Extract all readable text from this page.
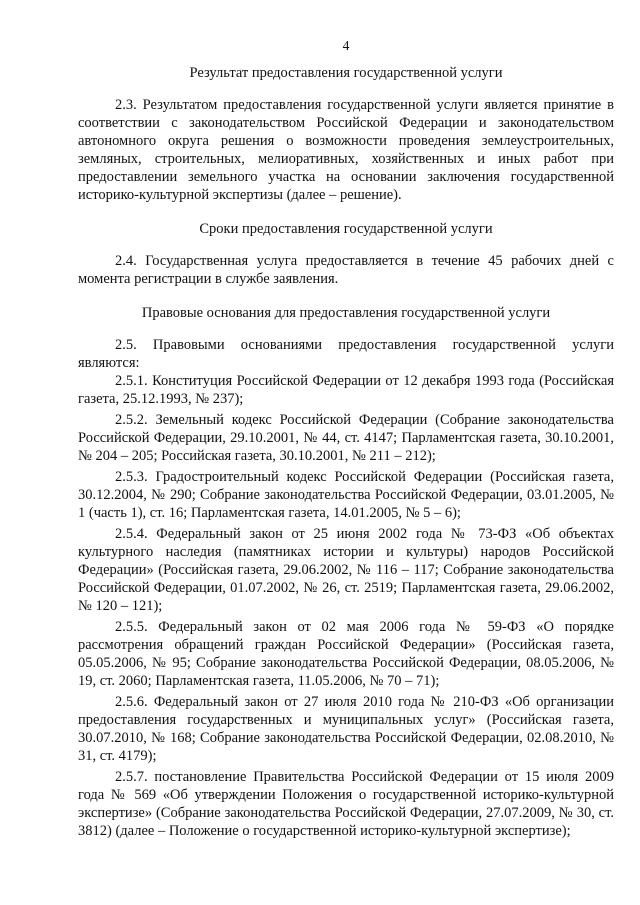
4
Результат предоставления государственной услуги

2.3. Результатом предоставления государственной услуги является принятие в соответствии с законодательством Российской Федерации и законодательством автономного округа решения о возможности проведения землеустроительных, земляных, строительных, мелиоративных, хозяйственных и иных работ при предоставлении земельного участка на основании заключения государственной историко-культурной экспертизы (далее – решение).

Сроки предоставления государственной услуги

2.4. Государственная услуга предоставляется в течение 45 рабочих дней с момента регистрации в службе заявления.

Правовые основания для предоставления государственной услуги

2.5. Правовыми основаниями предоставления государственной услуги являются:

2.5.1. Конституция Российской Федерации от 12 декабря 1993 года (Российская газета, 25.12.1993, № 237);

2.5.2. Земельный кодекс Российской Федерации (Собрание законодательства Российской Федерации, 29.10.2001, № 44, ст. 4147; Парламентская газета, 30.10.2001, № 204 – 205; Российская газета, 30.10.2001, № 211 – 212);

2.5.3. Градостроительный кодекс Российской Федерации (Российская газета, 30.12.2004, № 290; Собрание законодательства Российской Федерации, 03.01.2005, № 1 (часть 1), ст. 16; Парламентская газета, 14.01.2005, № 5 – 6);

2.5.4. Федеральный закон от 25 июня 2002 года № 73-ФЗ «Об объектах культурного наследия (памятниках истории и культуры) народов Российской Федерации» (Российская газета, 29.06.2002, № 116 – 117; Собрание законодательства Российской Федерации, 01.07.2002, № 26, ст. 2519; Парламентская газета, 29.06.2002, № 120 – 121);

2.5.5. Федеральный закон от 02 мая 2006 года № 59-ФЗ «О порядке рассмотрения обращений граждан Российской Федерации» (Российская газета, 05.05.2006, № 95; Собрание законодательства Российской Федерации, 08.05.2006, № 19, ст. 2060; Парламентская газета, 11.05.2006, № 70 – 71);

2.5.6. Федеральный закон от 27 июля 2010 года № 210-ФЗ «Об организации предоставления государственных и муниципальных услуг» (Российская газета, 30.07.2010, № 168; Собрание законодательства Российской Федерации, 02.08.2010, № 31, ст. 4179);

2.5.7. постановление Правительства Российской Федерации от 15 июля 2009 года № 569 «Об утверждении Положения о государственной историко-культурной экспертизе» (Собрание законодательства Российской Федерации, 27.07.2009, № 30, ст. 3812) (далее – Положение о государственной историко-культурной экспертизе);
